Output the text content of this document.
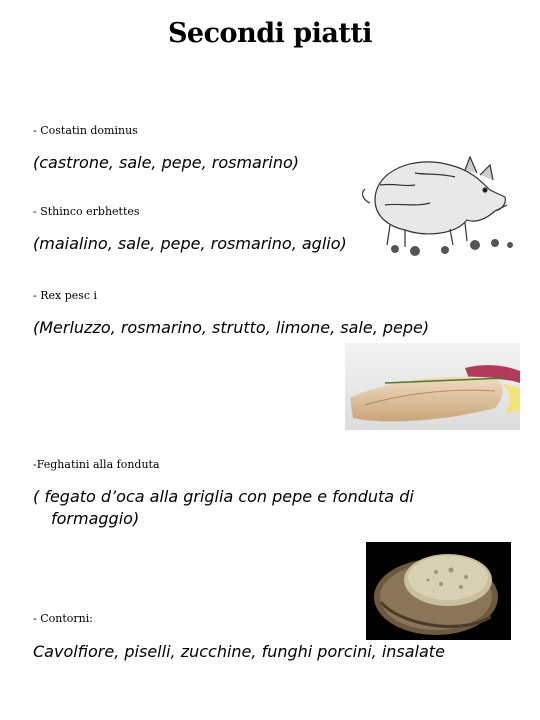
Secondi piatti
- Costatin dominus
(castrone, sale, pepe, rosmarino)
- Sthinco erbhettes
(maialino, sale, pepe, rosmarino, aglio)
- Rex pesc i
(Merluzzo, rosmarino, strutto, limone, sale, pepe)
-Feghatini alla fonduta
( fegato d’oca alla griglia con pepe e fonduta di formaggio)
- Contorni:
Cavolfiore, piselli, zucchine, funghi porcini, insalate
